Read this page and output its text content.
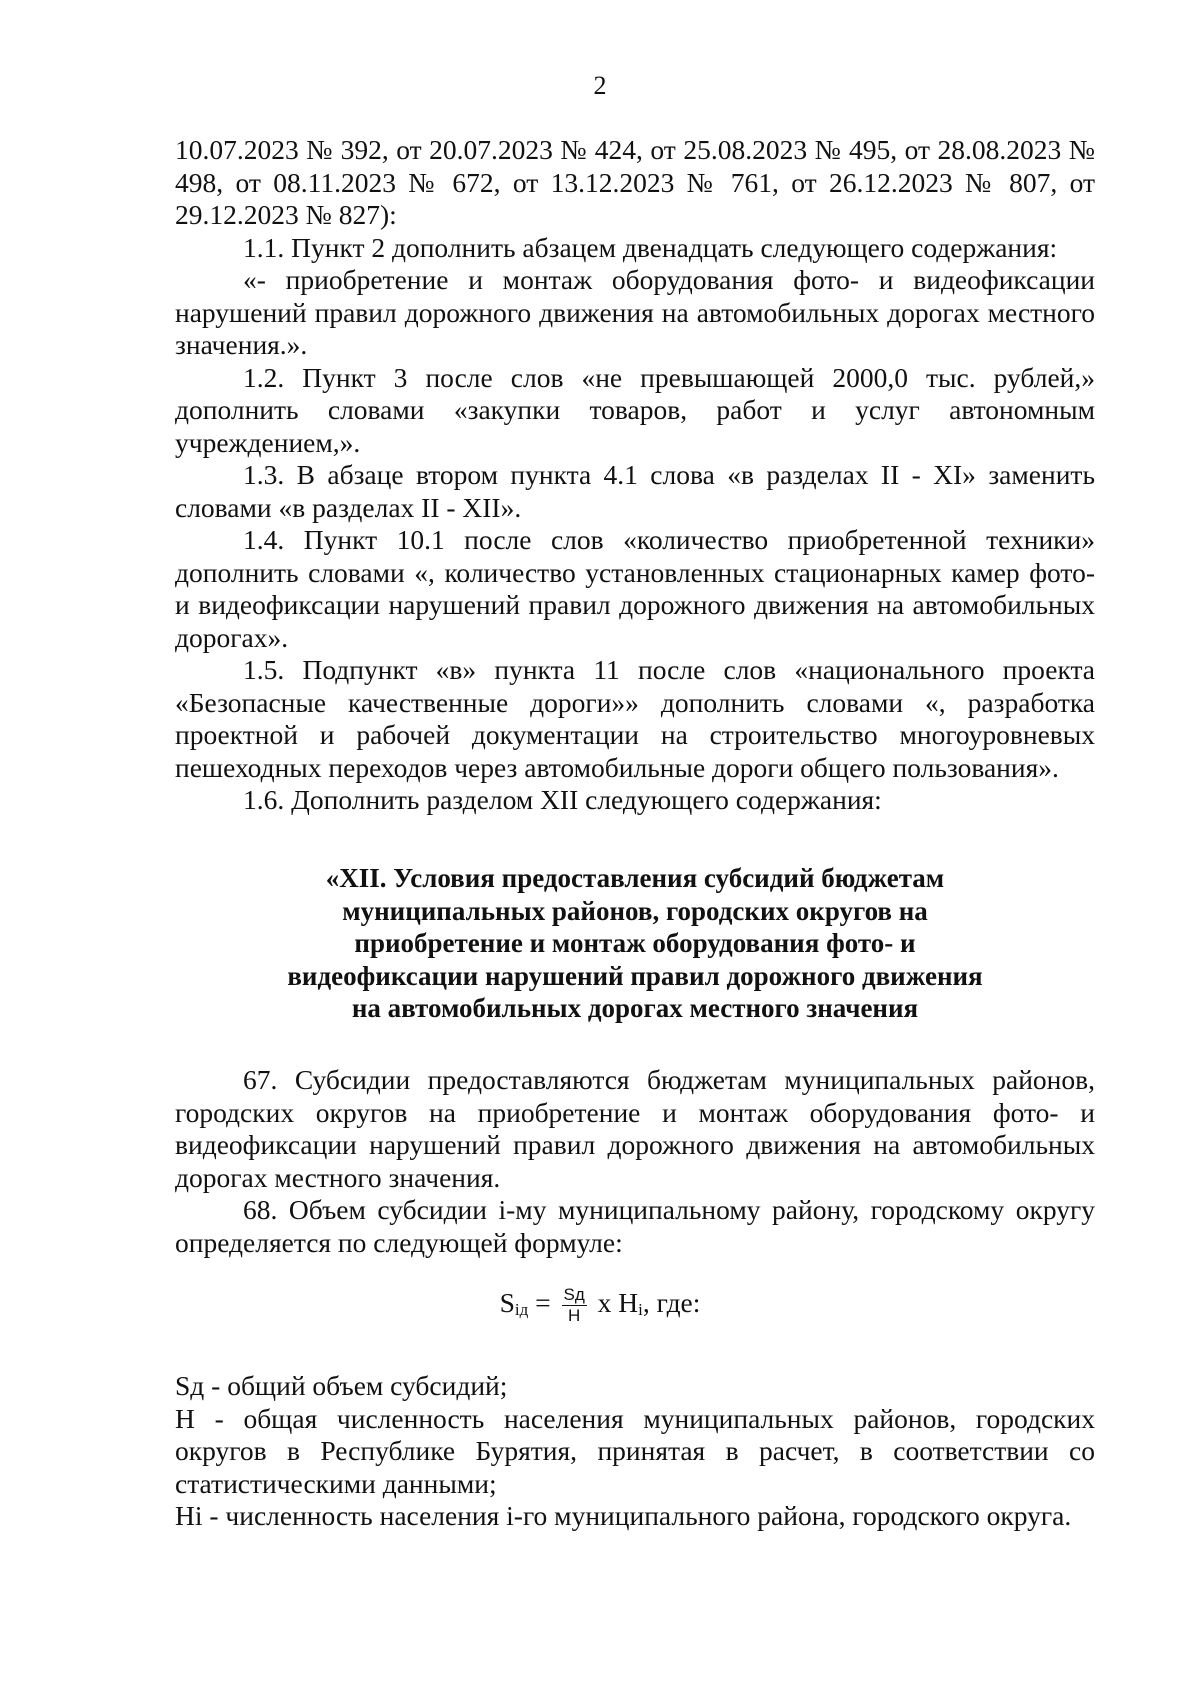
2

10.07.2023 № 392, от 20.07.2023 № 424, от 25.08.2023 № 495, от 28.08.2023 № 498, от 08.11.2023 № 672, от 13.12.2023 № 761, от 26.12.2023 № 807, от 29.12.2023 № 827):

1.1. Пункт 2 дополнить абзацем двенадцать следующего содержания:

«- приобретение и монтаж оборудования фото- и видеофиксации нарушений правил дорожного движения на автомобильных дорогах местного значения.».

1.2. Пункт 3 после слов «не превышающей 2000,0 тыс. рублей,» дополнить словами «закупки товаров, работ и услуг автономным учреждением,».

1.3. В абзаце втором пункта 4.1 слова «в разделах II - XI» заменить словами «в разделах II - XII».

1.4. Пункт 10.1 после слов «количество приобретенной техники» дополнить словами «, количество установленных стационарных камер фото- и видеофиксации нарушений правил дорожного движения на автомобильных дорогах».

1.5. Подпункт «в» пункта 11 после слов «национального проекта «Безопасные качественные дороги»» дополнить словами «, разработка проектной и рабочей документации на строительство многоуровневых пешеходных переходов через автомобильные дороги общего пользования».

1.6. Дополнить разделом XII следующего содержания:

«XII. Условия предоставления субсидий бюджетам
муниципальных районов, городских округов на
приобретение и монтаж оборудования фото- и
видеофиксации нарушений правил дорожного движения
на автомобильных дорогах местного значения

67. Субсидии предоставляются бюджетам муниципальных районов, городских округов на приобретение и монтаж оборудования фото- и видеофиксации нарушений правил дорожного движения на автомобильных дорогах местного значения.

68. Объем субсидии i-му муниципальному району, городскому округу определяется по следующей формуле:

$S_{iд} = \frac{Sд}{Н}$ x $Н_i$, где:

Sд - общий объем субсидий;

Н - общая численность населения муниципальных районов, городских округов в Республике Бурятия, принятая в расчет, в соответствии со статистическими данными;

Hi - численность населения i-го муниципального района, городского округа.
